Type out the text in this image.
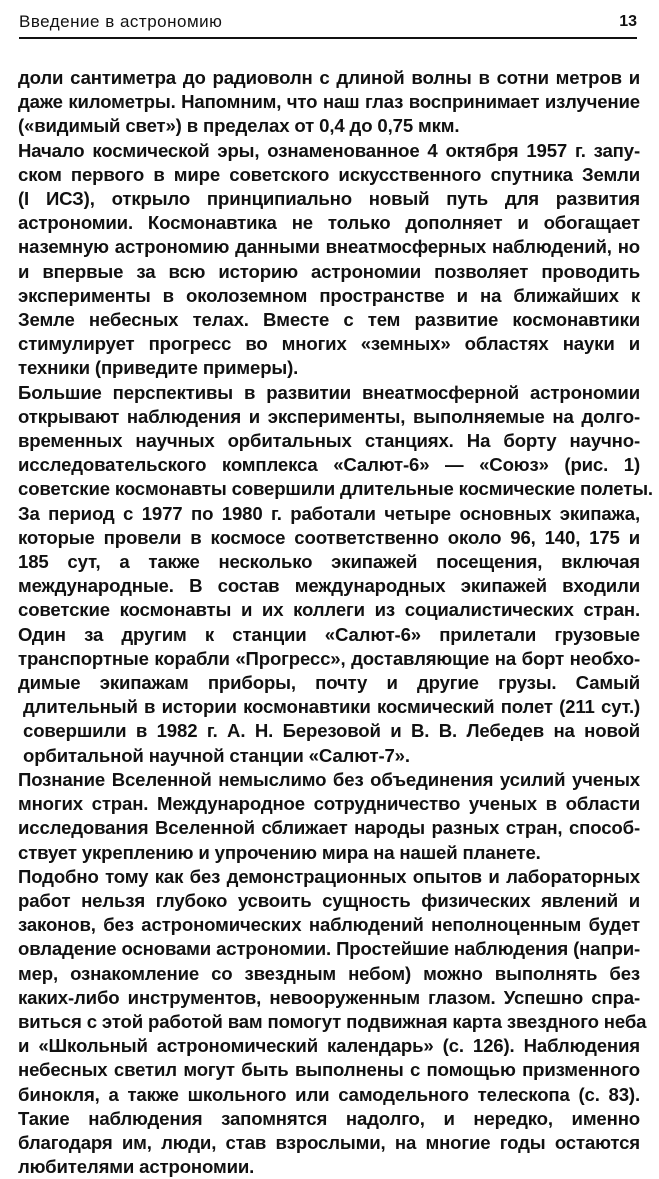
Введение в астрономию	13
доли сантиметра до радиоволн с длиной волны в сотни метров и
даже километры. Напомним, что наш глаз воспринимает излучение
(«видимый свет») в пределах от 0,4 до 0,75 мкм.
Начало космической эры, ознаменованное 4 октября 1957 г. запу-
ском первого в мире советского искусственного спутника Земли
(I ИСЗ), открыло принципиально новый путь для развития
астрономии. Космонавтика не только дополняет и обогащает
наземную астрономию данными внеатмосферных наблюдений, но
и впервые за всю историю астрономии позволяет проводить
эксперименты в околоземном пространстве и на ближайших к
Земле небесных телах. Вместе с тем развитие космонавтики
стимулирует прогресс во многих «земных» областях науки и
техники (приведите примеры).
Большие перспективы в развитии внеатмосферной астрономии
открывают наблюдения и эксперименты, выполняемые на долго-
временных научных орбитальных станциях. На борту научно-
исследовательского комплекса «Салют-6» — «Союз» (рис. 1)
советские космонавты совершили длительные космические полеты.
За период с 1977 по 1980 г. работали четыре основных экипажа,
которые провели в космосе соответственно около 96, 140, 175 и
185 сут, а также несколько экипажей посещения, включая
международные. В состав международных экипажей входили
советские космонавты и их коллеги из социалистических стран.
Один за другим к станции «Салют-6» прилетали грузовые
транспортные корабли «Прогресс», доставляющие на борт необхо-
димые экипажам приборы, почту и другие грузы. Самый
длительный в истории космонавтики космический полет (211 сут.)
совершили в 1982 г. А. Н. Березовой и В. В. Лебедев на новой
орбитальной научной станции «Салют-7».
Познание Вселенной немыслимо без объединения усилий ученых
многих стран. Международное сотрудничество ученых в области
исследования Вселенной сближает народы разных стран, способ-
ствует укреплению и упрочению мира на нашей планете.
Подобно тому как без демонстрационных опытов и лабораторных
работ нельзя глубоко усвоить сущность физических явлений и
законов, без астрономических наблюдений неполноценным будет
овладение основами астрономии. Простейшие наблюдения (напри-
мер, ознакомление со звездным небом) можно выполнять без
каких-либо инструментов, невооруженным глазом. Успешно спра-
виться с этой работой вам помогут подвижная карта звездного неба
и «Школьный астрономический календарь» (с. 126). Наблюдения
небесных светил могут быть выполнены с помощью призменного
бинокля, а также школьного или самодельного телескопа (с. 83).
Такие наблюдения запомнятся надолго, и нередко, именно
благодаря им, люди, став взрослыми, на многие годы остаются
любителями астрономии.
